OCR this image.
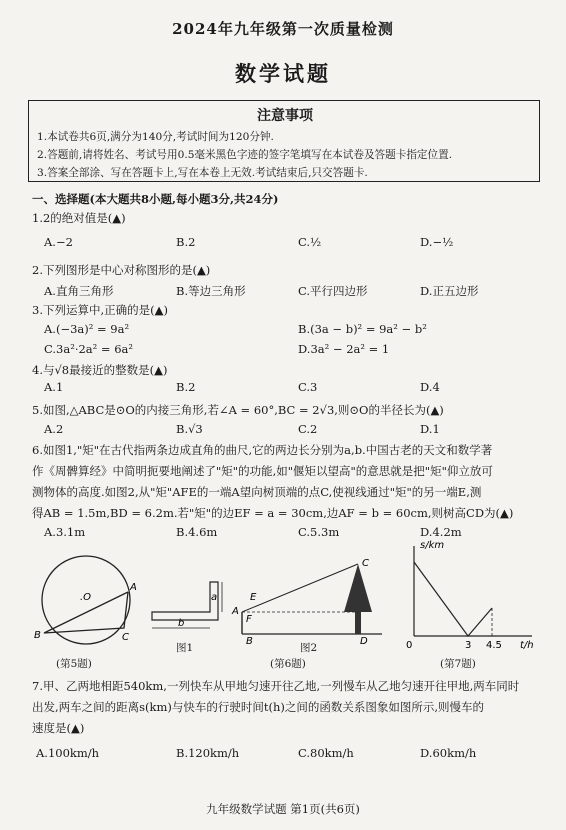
2024年九年级第一次质量检测
数学试题
注意事项
1.本试卷共6页,满分为140分,考试时间为120分钟.
2.答题前,请将姓名、考试号用0.5毫米黑色字迹的签字笔填写在本试卷及答题卡指定位置.
3.答案全部涂、写在答题卡上,写在本卷上无效.考试结束后,只交答题卡.
一、选择题(本大题共8小题,每小题3分,共24分)
1.2的绝对值是(▲)
A.−2	B.2	C.½	D.−½
2.下列图形是中心对称图形的是(▲)
A.直角三角形	B.等边三角形	C.平行四边形	D.正五边形
3.下列运算中,正确的是(▲)
A.(−3a)² = 9a²	B.(3a − b)² = 9a² − b²
C.3a²·2a² = 6a²	D.3a² − 2a² = 1
4.与√8最接近的整数是(▲)
A.1	B.2	C.3	D.4
5.如图,△ABC是⊙O的内接三角形,若∠A = 60°,BC = 2√3,则⊙O的半径长为(▲)
A.2	B.√3	C.2	D.1
6.如图1,"矩"在古代指两条边成直角的曲尺,它的两边长分别为a,b.中国古老的天文和数学著
作《周髀算经》中简明扼要地阐述了"矩"的功能,如"偃矩以望高"的意思就是把"矩"仰立放可
测物体的高度.如图2,从"矩"AFE的一端A望向树顶端的点C,使视线通过"矩"的另一端E,测
得AB = 1.5m,BD = 6.2m.若"矩"的边EF = a = 30cm,边AF = b = 60cm,则树高CD为(▲)
A.3.1m	B.4.6m	C.5.3m	D.4.2m
A
B	C
.O
b
a
图1
A
B
C
D
E
F
图2
(第5题)	(第6题)
s/km
t/h
0	3 4.5
(第7题)
7.甲、乙两地相距540km,一列快车从甲地匀速开往乙地,一列慢车从乙地匀速开往甲地,两车同时
出发,两车之间的距离s(km)与快车的行驶时间t(h)之间的函数关系图象如图所示,则慢车的
速度是(▲)
A.100km/h	B.120km/h	C.80km/h	D.60km/h
九年级数学试题 第1页(共6页)
